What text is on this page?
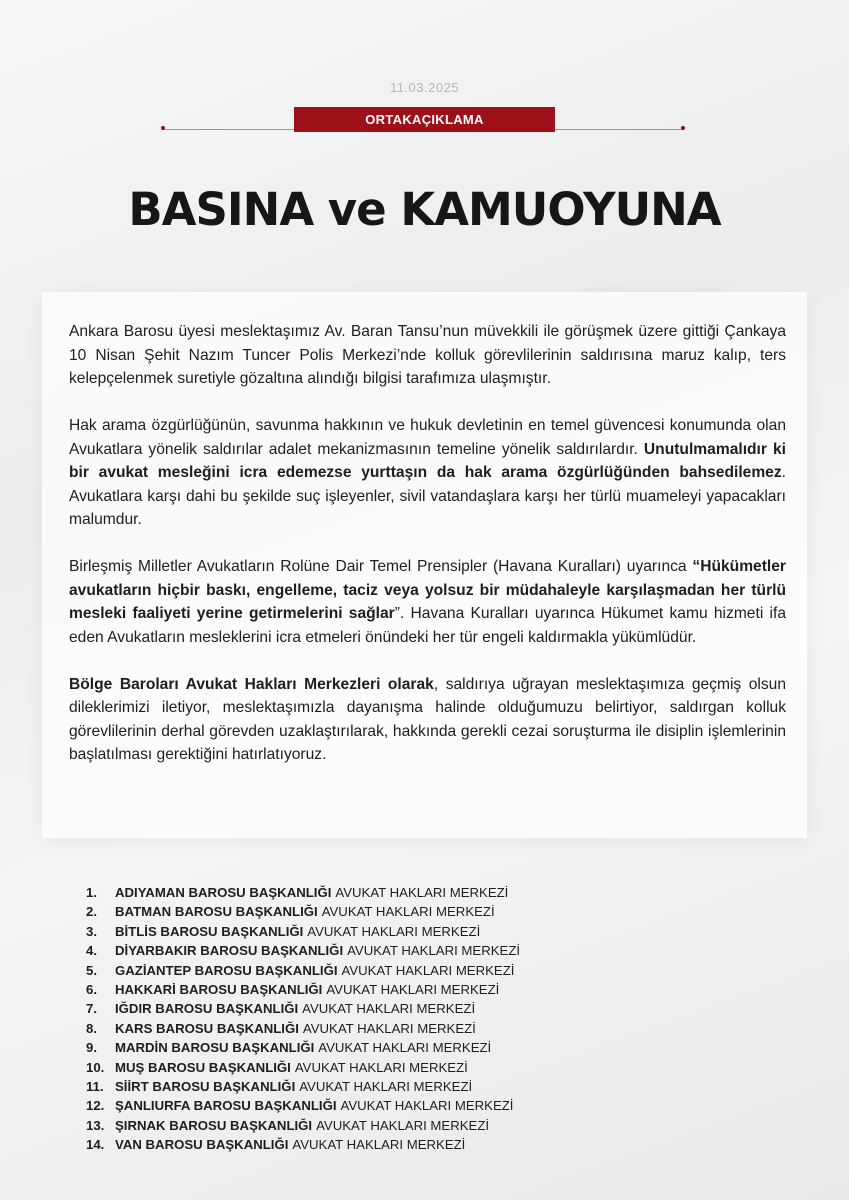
11.03.2025
ORTAKAÇIKLAMA
BASINA ve KAMUOYUNA

Ankara Barosu üyesi meslektaşımız Av. Baran Tansu’nun müvekkili ile görüşmek üzere gittiği Çankaya 10 Nisan Şehit Nazım Tuncer Polis Merkezi’nde kolluk görevlilerinin saldırısına maruz kalıp, ters kelepçelenmek suretiyle gözaltına alındığı bilgisi tarafımıza ulaşmıştır.

Hak arama özgürlüğünün, savunma hakkının ve hukuk devletinin en temel güvencesi konumunda olan Avukatlara yönelik saldırılar adalet mekanizmasının temeline yönelik saldırılardır. Unutulmamalıdır ki bir avukat mesleğini icra edemezse yurttaşın da hak arama özgürlüğünden bahsedilemez. Avukatlara karşı dahi bu şekilde suç işleyenler, sivil vatandaşlara karşı her türlü muameleyi yapacakları malumdur.

Birleşmiş Milletler Avukatların Rolüne Dair Temel Prensipler (Havana Kuralları) uyarınca “Hükümetler avukatların hiçbir baskı, engelleme, taciz veya yolsuz bir müdahaleyle karşılaşmadan her türlü mesleki faaliyeti yerine getirmelerini sağlar”. Havana Kuralları uyarınca Hükumet kamu hizmeti ifa eden Avukatların mesleklerini icra etmeleri önündeki her tür engeli kaldırmakla yükümlüdür.

Bölge Baroları Avukat Hakları Merkezleri olarak, saldırıya uğrayan meslektaşımıza geçmiş olsun dileklerimizi iletiyor, meslektaşımızla dayanışma halinde olduğumuzu belirtiyor, saldırgan kolluk görevlilerinin derhal görevden uzaklaştırılarak, hakkında gerekli cezai soruşturma ile disiplin işlemlerinin başlatılması gerektiğini hatırlatıyoruz.

1.	ADIYAMAN BAROSU BAŞKANLIĞI AVUKAT HAKLARI MERKEZİ
2.	BATMAN BAROSU BAŞKANLIĞI AVUKAT HAKLARI MERKEZİ
3.	BİTLİS BAROSU BAŞKANLIĞI AVUKAT HAKLARI MERKEZİ
4.	DİYARBAKIR BAROSU BAŞKANLIĞI AVUKAT HAKLARI MERKEZİ
5.	GAZİANTEP BAROSU BAŞKANLIĞI AVUKAT HAKLARI MERKEZİ
6.	HAKKARİ BAROSU BAŞKANLIĞI AVUKAT HAKLARI MERKEZİ
7.	IĞDIR BAROSU BAŞKANLIĞI AVUKAT HAKLARI MERKEZİ
8.	KARS BAROSU BAŞKANLIĞI AVUKAT HAKLARI MERKEZİ
9.	MARDİN BAROSU BAŞKANLIĞI AVUKAT HAKLARI MERKEZİ
10. MUŞ BAROSU BAŞKANLIĞI AVUKAT HAKLARI MERKEZİ
11. SİİRT BAROSU BAŞKANLIĞI AVUKAT HAKLARI MERKEZİ
12. ŞANLIURFA BAROSU BAŞKANLIĞI AVUKAT HAKLARI MERKEZİ
13. ŞIRNAK BAROSU BAŞKANLIĞI AVUKAT HAKLARI MERKEZİ
14. VAN BAROSU BAŞKANLIĞI AVUKAT HAKLARI MERKEZİ
